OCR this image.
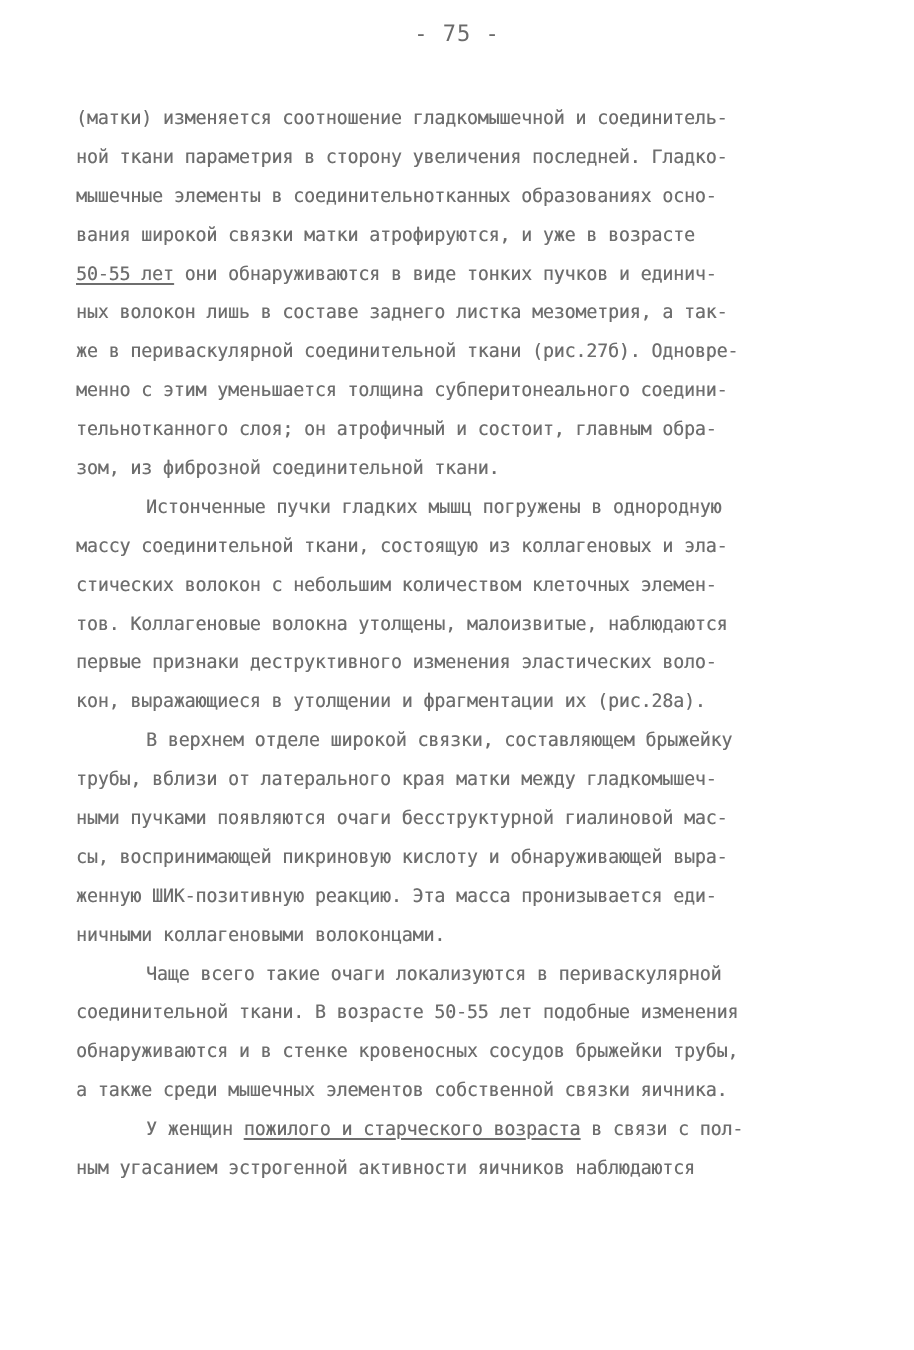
- 75 -
(матки) изменяется соотношение гладкомышечной и соединитель-
ной ткани параметрия в сторону увеличения последней. Гладко-
мышечные элементы в соединительнотканных образованиях осно-
вания широкой связки матки атрофируются, и уже в возрасте
50-55 лет они обнаруживаются в виде тонких пучков и единич-
ных волокон лишь в составе заднего листка мезометрия, а так-
же в периваскулярной соединительной ткани (рис.27б). Одновре-
менно с этим уменьшается толщина субперитонеального соедини-
тельнотканного слоя; он атрофичный и состоит, главным обра-
зом, из фиброзной соединительной ткани.
Истонченные пучки гладких мышц погружены в однородную
массу соединительной ткани, состоящую из коллагеновых и эла-
стических волокон с небольшим количеством клеточных элемен-
тов. Коллагеновые волокна утолщены, малоизвитые, наблюдаются
первые признаки деструктивного изменения эластических воло-
кон, выражающиеся в утолщении и фрагментации их (рис.28а).
В верхнем отделе широкой связки, составляющем брыжейку
трубы, вблизи от латерального края матки между гладкомышеч-
ными пучками появляются очаги бесструктурной гиалиновой мас-
сы, воспринимающей пикриновую кислоту и обнаруживающей выра-
женную ШИК-позитивную реакцию. Эта масса пронизывается еди-
ничными коллагеновыми волоконцами.
Чаще всего такие очаги локализуются в периваскулярной
соединительной ткани. В возрасте 50-55 лет подобные изменения
обнаруживаются и в стенке кровеносных сосудов брыжейки трубы,
а также среди мышечных элементов собственной связки яичника.
У женщин пожилого и старческого возраста в связи с пол-
ным угасанием эстрогенной активности яичников наблюдаются
